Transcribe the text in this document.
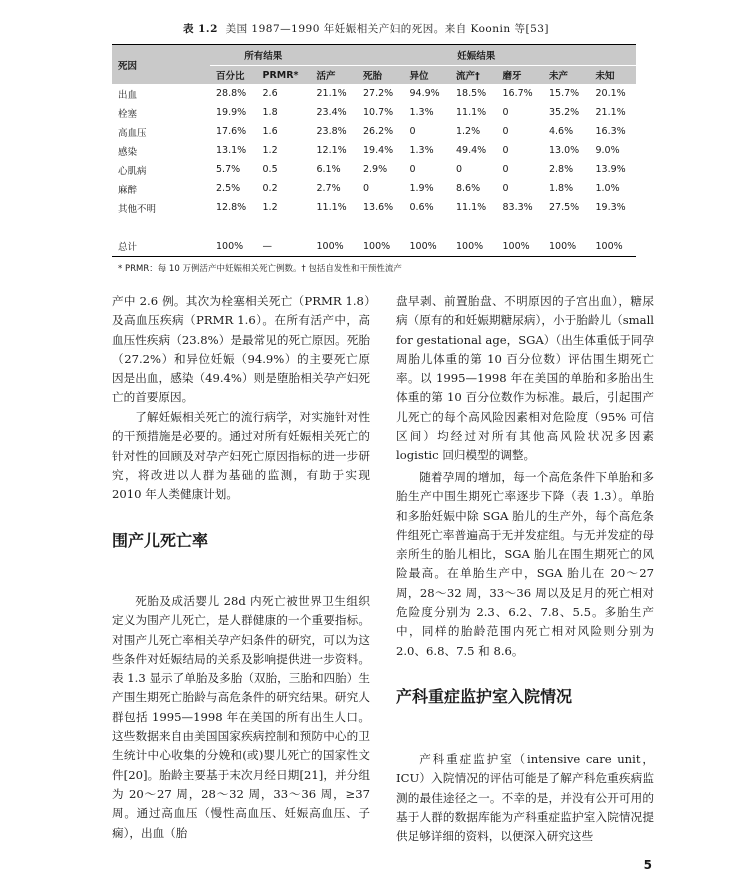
表 1.2 美国 1987—1990 年妊娠相关产妇的死因。来自 Koonin 等[53]
死因	所有结果		妊娠结果						
	百分比	PRMR*	活产	死胎	异位	流产†	磨牙	未产	未知
出血	28.8%	2.6	21.1%	27.2%	94.9%	18.5%	16.7%	15.7%	20.1%
栓塞	19.9%	1.8	23.4%	10.7%	1.3%	11.1%	0	35.2%	21.1%
高血压	17.6%	1.6	23.8%	26.2%	0	1.2%	0	4.6%	16.3%
感染	13.1%	1.2	12.1%	19.4%	1.3%	49.4%	0	13.0%	9.0%
心肌病	5.7%	0.5	6.1%	2.9%	0	0	0	2.8%	13.9%
麻醉	2.5%	0.2	2.7%	0	1.9%	8.6%	0	1.8%	1.0%
其他不明	12.8%	1.2	11.1%	13.6%	0.6%	11.1%	83.3%	27.5%	19.3%

总计	100%	—	100%	100%	100%	100%	100%	100%	100%
* PRMR：每 10 万例活产中妊娠相关死亡例数。† 包括自发性和干预性流产

产中 2.6 例。其次为栓塞相关死亡（PRMR 1.8）及高血压疾病（PRMR 1.6）。在所有活产中，高血压性疾病（23.8%）是最常见的死亡原因。死胎（27.2%）和异位妊娠（94.9%）的主要死亡原因是出血，感染（49.4%）则是堕胎相关孕产妇死亡的首要原因。

了解妊娠相关死亡的流行病学，对实施针对性的干预措施是必要的。通过对所有妊娠相关死亡的针对性的回顾及对孕产妇死亡原因指标的进一步研究，将改进以人群为基础的监测，有助于实现 2010 年人类健康计划。

围产儿死亡率

死胎及成活婴儿 28d 内死亡被世界卫生组织定义为围产儿死亡，是人群健康的一个重要指标。对围产儿死亡率相关孕产妇条件的研究，可以为这些条件对妊娠结局的关系及影响提供进一步资料。表 1.3 显示了单胎及多胎（双胎，三胎和四胎）生产围生期死亡胎龄与高危条件的研究结果。研究人群包括 1995—1998 年在美国的所有出生人口。这些数据来自由美国国家疾病控制和预防中心的卫生统计中心收集的分娩和(或)婴儿死亡的国家性文件[20]。胎龄主要基于末次月经日期[21]，并分组为 20～27 周，28～32 周，33～36 周，≥37 周。通过高血压（慢性高血压、妊娠高血压、子痫），出血（胎

盘早剥、前置胎盘、不明原因的子宫出血），糖尿病（原有的和妊娠期糖尿病），小于胎龄儿（small for gestational age，SGA）（出生体重低于同孕周胎儿体重的第 10 百分位数）评估围生期死亡率。以 1995—1998 年在美国的单胎和多胎出生体重的第 10 百分位数作为标准。最后，引起围产儿死亡的每个高风险因素相对危险度（95% 可信区间）均经过对所有其他高风险状况多因素 logistic 回归模型的调整。

随着孕周的增加，每一个高危条件下单胎和多胎生产中围生期死亡率逐步下降（表 1.3）。单胎和多胎妊娠中除 SGA 胎儿的生产外，每个高危条件组死亡率普遍高于无并发症组。与无并发症的母亲所生的胎儿相比，SGA 胎儿在围生期死亡的风险最高。在单胎生产中，SGA 胎儿在 20～27 周，28～32 周，33～36 周以及足月的死亡相对危险度分别为 2.3、6.2、7.8、5.5。多胎生产中，同样的胎龄范围内死亡相对风险则分别为 2.0、6.8、7.5 和 8.6。

产科重症监护室入院情况

产科重症监护室（intensive care unit，ICU）入院情况的评估可能是了解产科危重疾病监测的最佳途径之一。不幸的是，并没有公开可用的基于人群的数据库能为产科重症监护室入院情况提供足够详细的资料，以便深入研究这些

5
